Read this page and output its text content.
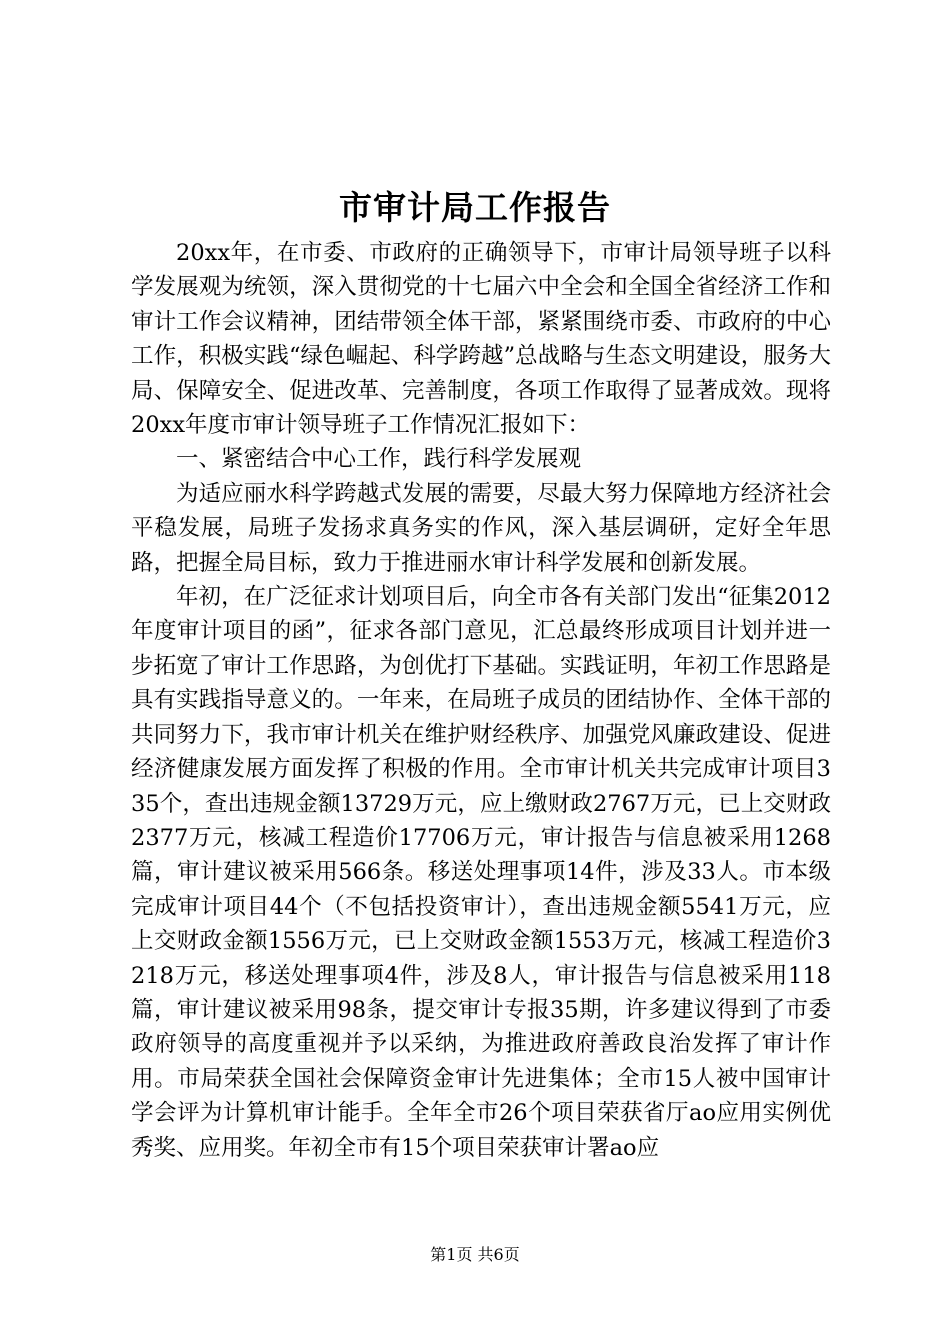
市审计局工作报告

20xx年，在市委、市政府的正确领导下，市审计局领导班子以科学发展观为统领，深入贯彻党的十七届六中全会和全国全省经济工作和审计工作会议精神，团结带领全体干部，紧紧围绕市委、市政府的中心工作，积极实践“绿色崛起、科学跨越”总战略与生态文明建设，服务大局、保障安全、促进改革、完善制度，各项工作取得了显著成效。现将20xx年度市审计领导班子工作情况汇报如下：

一、紧密结合中心工作，践行科学发展观

为适应丽水科学跨越式发展的需要，尽最大努力保障地方经济社会平稳发展，局班子发扬求真务实的作风，深入基层调研，定好全年思路，把握全局目标，致力于推进丽水审计科学发展和创新发展。

年初，在广泛征求计划项目后，向全市各有关部门发出“征集2012年度审计项目的函”，征求各部门意见，汇总最终形成项目计划并进一步拓宽了审计工作思路，为创优打下基础。实践证明，年初工作思路是具有实践指导意义的。一年来，在局班子成员的团结协作、全体干部的共同努力下，我市审计机关在维护财经秩序、加强党风廉政建设、促进经济健康发展方面发挥了积极的作用。全市审计机关共完成审计项目335个，查出违规金额13729万元，应上缴财政2767万元，已上交财政2377万元，核减工程造价17706万元，审计报告与信息被采用1268篇，审计建议被采用566条。移送处理事项14件，涉及33人。市本级完成审计项目44个（不包括投资审计），查出违规金额5541万元，应上交财政金额1556万元，已上交财政金额1553万元，核减工程造价3218万元，移送处理事项4件，涉及8人，审计报告与信息被采用118篇，审计建议被采用98条，提交审计专报35期，许多建议得到了市委政府领导的高度重视并予以采纳，为推进政府善政良治发挥了审计作用。市局荣获全国社会保障资金审计先进集体；全市15人被中国审计学会评为计算机审计能手。全年全市26个项目荣获省厅ao应用实例优秀奖、应用奖。年初全市有15个项目荣获审计署ao应

第1页 共6页
